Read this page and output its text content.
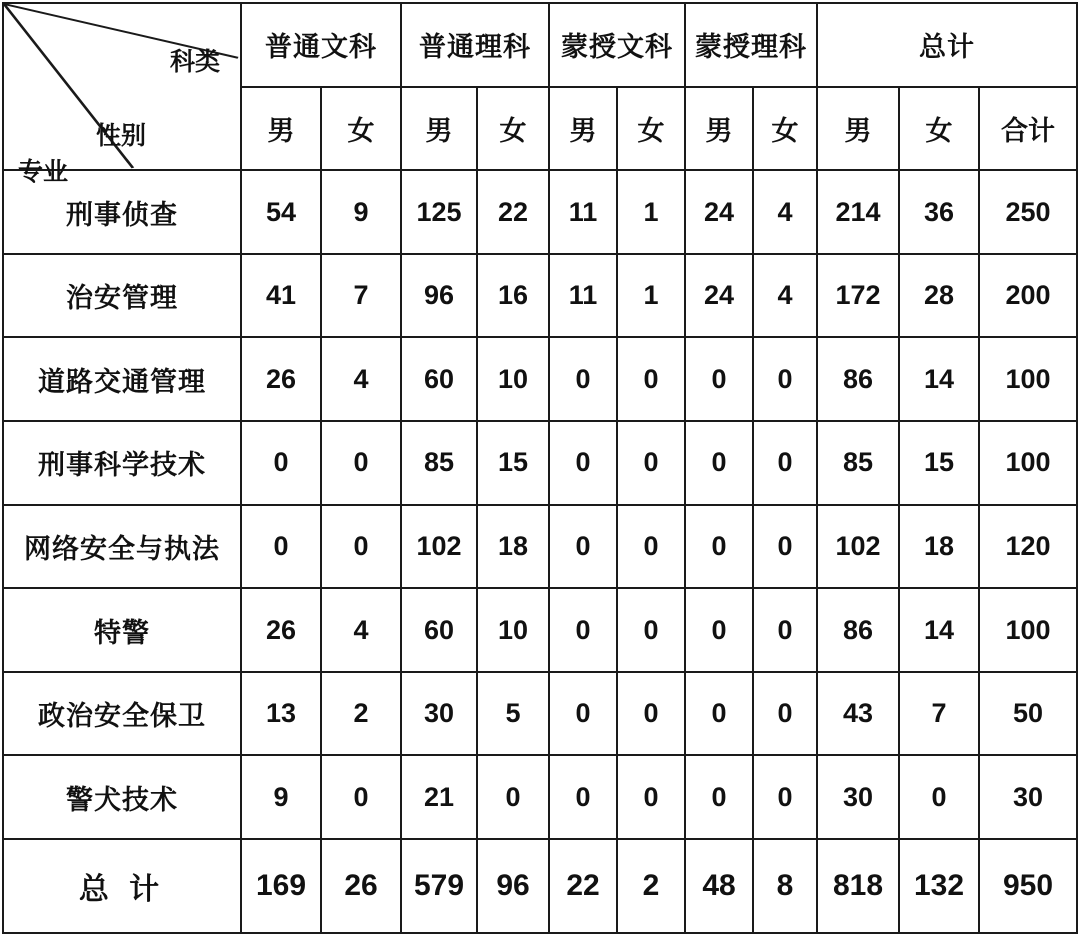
科类
性别
专业	普通文科		普通理科		蒙授文科		蒙授理科		总计		
	男	女	男	女	男	女	男	女	男	女	合计
刑事侦查	54	9	125	22	11	1	24	4	214	36	250
治安管理	41	7	96	16	11	1	24	4	172	28	200
道路交通管理	26	4	60	10	0	0	0	0	86	14	100
刑事科学技术	0	0	85	15	0	0	0	0	85	15	100
网络安全与执法	0	0	102	18	0	0	0	0	102	18	120
特警	26	4	60	10	0	0	0	0	86	14	100
政治安全保卫	13	2	30	5	0	0	0	0	43	7	50
警犬技术	9	0	21	0	0	0	0	0	30	0	30
总 计	169	26	579	96	22	2	48	8	818	132	950
